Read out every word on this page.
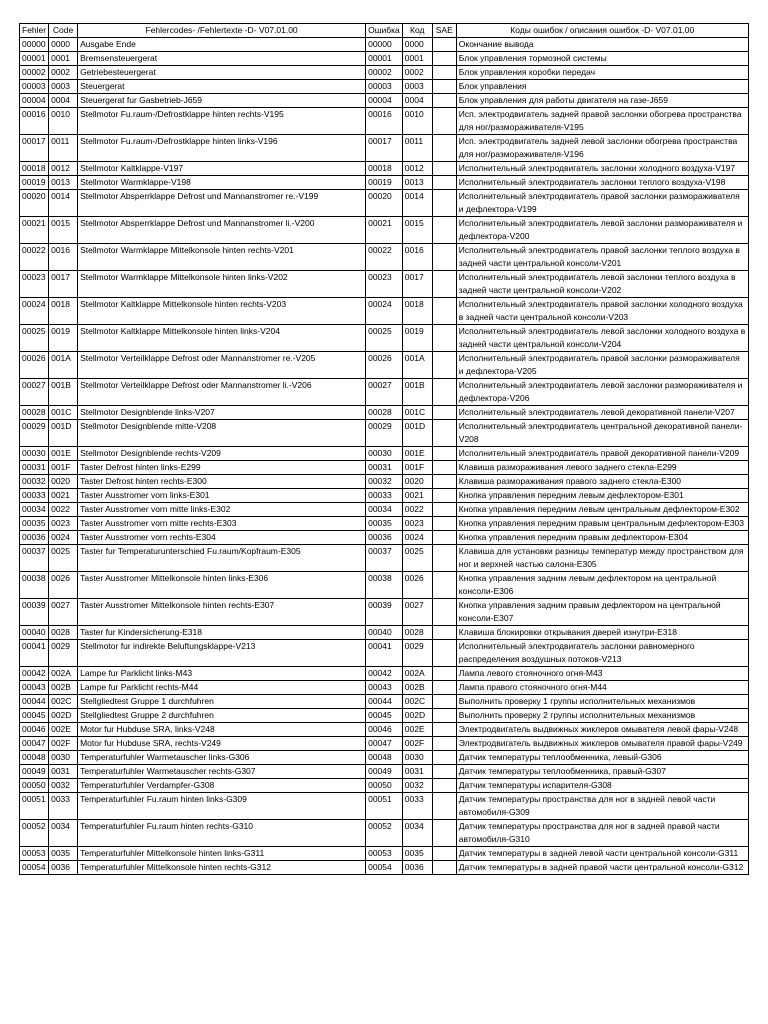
Fehler	Code	Fehlercodes- /Fehlertexte -D- V07.01.00	Ошибка	Код	SAE	Коды ошибок / описания ошибок -D- V07.01.00
00000	0000	Ausgabe Ende	00000	0000		Окончание вывода
00001	0001	Bremsensteuergerat	00001	0001		Блок управления тормозной системы
00002	0002	Getriebesteuergerat	00002	0002		Блок управления коробки передач
00003	0003	Steuergerat	00003	0003		Блок управления
00004	0004	Steuergerat fur Gasbetrieb-J659	00004	0004		Блок управления для работы двигателя на газе-J659
00016	0010	Stellmotor Fu.raum-/Defrostklappe hinten rechts-V195	00016	0010		Исп. электродвигатель задней правой заслонки обогрева пространства для ног/размораживателя-V195
00017	0011	Stellmotor Fu.raum-/Defrostklappe hinten links-V196	00017	0011		Исп. электродвигатель задней левой заслонки обогрева пространства для ног/размораживателя-V196
00018	0012	Stellmotor Kaltklappe-V197	00018	0012		Исполнительный электродвигатель заслонки холодного воздуха-V197
00019	0013	Stellmotor Warmklappe-V198	00019	0013		Исполнительный электродвигатель заслонки теплого воздуха-V198
00020	0014	Stellmotor Absperrklappe Defrost und Mannanstromer re.-V199	00020	0014		Исполнительный электродвигатель правой заслонки размораживателя и дефлектора-V199
00021	0015	Stellmotor Absperrklappe Defrost und Mannanstromer li.-V200	00021	0015		Исполнительный электродвигатель левой заслонки размораживателя и дефлектора-V200
00022	0016	Stellmotor Warmklappe Mittelkonsole hinten rechts-V201	00022	0016		Исполнительный электродвигатель правой заслонки теплого воздуха в задней части центральной консоли-V201
00023	0017	Stellmotor Warmklappe Mittelkonsole hinten links-V202	00023	0017		Исполнительный электродвигатель левой заслонки теплого воздуха в задней части центральной консоли-V202
00024	0018	Stellmotor Kaltklappe Mittelkonsole hinten rechts-V203	00024	0018		Исполнительный электродвигатель правой заслонки холодного воздуха в задней части центральной консоли-V203
00025	0019	Stellmotor Kaltklappe Mittelkonsole hinten links-V204	00025	0019		Исполнительный электродвигатель левой заслонки холодного воздуха в задней части центральной консоли-V204
00026	001A	Stellmotor Verteilklappe Defrost oder Mannanstromer re.-V205	00026	001A		Исполнительный электродвигатель правой заслонки размораживателя и дефлектора-V205
00027	001B	Stellmotor Verteilklappe Defrost oder Mannanstromer li.-V206	00027	001B		Исполнительный электродвигатель левой заслонки размораживателя и дефлектора-V206
00028	001C	Stellmotor Designblende links-V207	00028	001C		Исполнительный электродвигатель левой декоративной панели-V207
00029	001D	Stellmotor Designblende mitte-V208	00029	001D		Исполнительный электродвигатель центральной декоративной панели-V208
00030	001E	Stellmotor Designblende rechts-V209	00030	001E		Исполнительный электродвигатель правой декоративной панели-V209
00031	001F	Taster Defrost hinten links-E299	00031	001F		Клавиша размораживания левого заднего стекла-E299
00032	0020	Taster Defrost hinten rechts-E300	00032	0020		Клавиша размораживания правого заднего стекла-E300
00033	0021	Taster Ausstromer vorn links-E301	00033	0021		Кнопка управления передним левым дефлектором-E301
00034	0022	Taster Ausstromer vorn mitte links-E302	00034	0022		Кнопка управления передним левым центральным дефлектором-E302
00035	0023	Taster Ausstromer vorn mitte rechts-E303	00035	0023		Кнопка управления передним правым центральным дефлектором-E303
00036	0024	Taster Ausstromer vorn rechts-E304	00036	0024		Кнопка управления передним правым дефлектором-E304
00037	0025	Taster fur Temperaturunterschied Fu.raum/Kopfraum-E305	00037	0025		Клавиша для установки разницы температур между пространством для ног и верхней частью салона-E305
00038	0026	Taster Ausstromer Mittelkonsole hinten links-E306	00038	0026		Кнопка управления задним левым дефлектором на центральной консоли-E306
00039	0027	Taster Ausstromer Mittelkonsole hinten rechts-E307	00039	0027		Кнопка управления задним правым дефлектором на центральной консоли-E307
00040	0028	Taster fur Kindersicherung-E318	00040	0028		Клавиша блокировки открывания дверей изнутри-E318
00041	0029	Stellmotor fur indirekte Beluftungsklappe-V213	00041	0029		Исполнительный электродвигатель заслонки равномерного распределения воздушных потоков-V213
00042	002A	Lampe fur Parklicht links-M43	00042	002A		Лампа левого стояночного огня-M43
00043	002B	Lampe fur Parklicht rechts-M44	00043	002B		Лампа правого стояночного огня-M44
00044	002C	Stellgliedtest Gruppe 1 durchfuhren	00044	002C		Выполнить проверку 1 группы исполнительных механизмов
00045	002D	Stellgliedtest Gruppe 2 durchfuhren	00045	002D		Выполнить проверку 2 группы исполнительных механизмов
00046	002E	Motor fur Hubduse SRA, links-V248	00046	002E		Электродвигатель выдвижных жиклеров омывателя левой фары-V248
00047	002F	Motor fur Hubduse SRA, rechts-V249	00047	002F		Электродвигатель выдвижных жиклеров омывателя правой фары-V249
00048	0030	Temperaturfuhler Warmetauscher links-G306	00048	0030		Датчик температуры теплообменника, левый-G306
00049	0031	Temperaturfuhler Warmetauscher rechts-G307	00049	0031		Датчик температуры теплообменника, правый-G307
00050	0032	Temperaturfuhler Verdampfer-G308	00050	0032		Датчик температуры испарителя-G308
00051	0033	Temperaturfuhler Fu.raum hinten links-G309	00051	0033		Датчик температуры пространства для ног в задней левой части автомобиля-G309
00052	0034	Temperaturfuhler Fu.raum hinten rechts-G310	00052	0034		Датчик температуры пространства для ног в задней правой части автомобиля-G310
00053	0035	Temperaturfuhler Mittelkonsole hinten links-G311	00053	0035		Датчик температуры в задней левой части центральной консоли-G311
00054	0036	Temperaturfuhler Mittelkonsole hinten rechts-G312	00054	0036		Датчик температуры в задней правой части центральной консоли-G312
